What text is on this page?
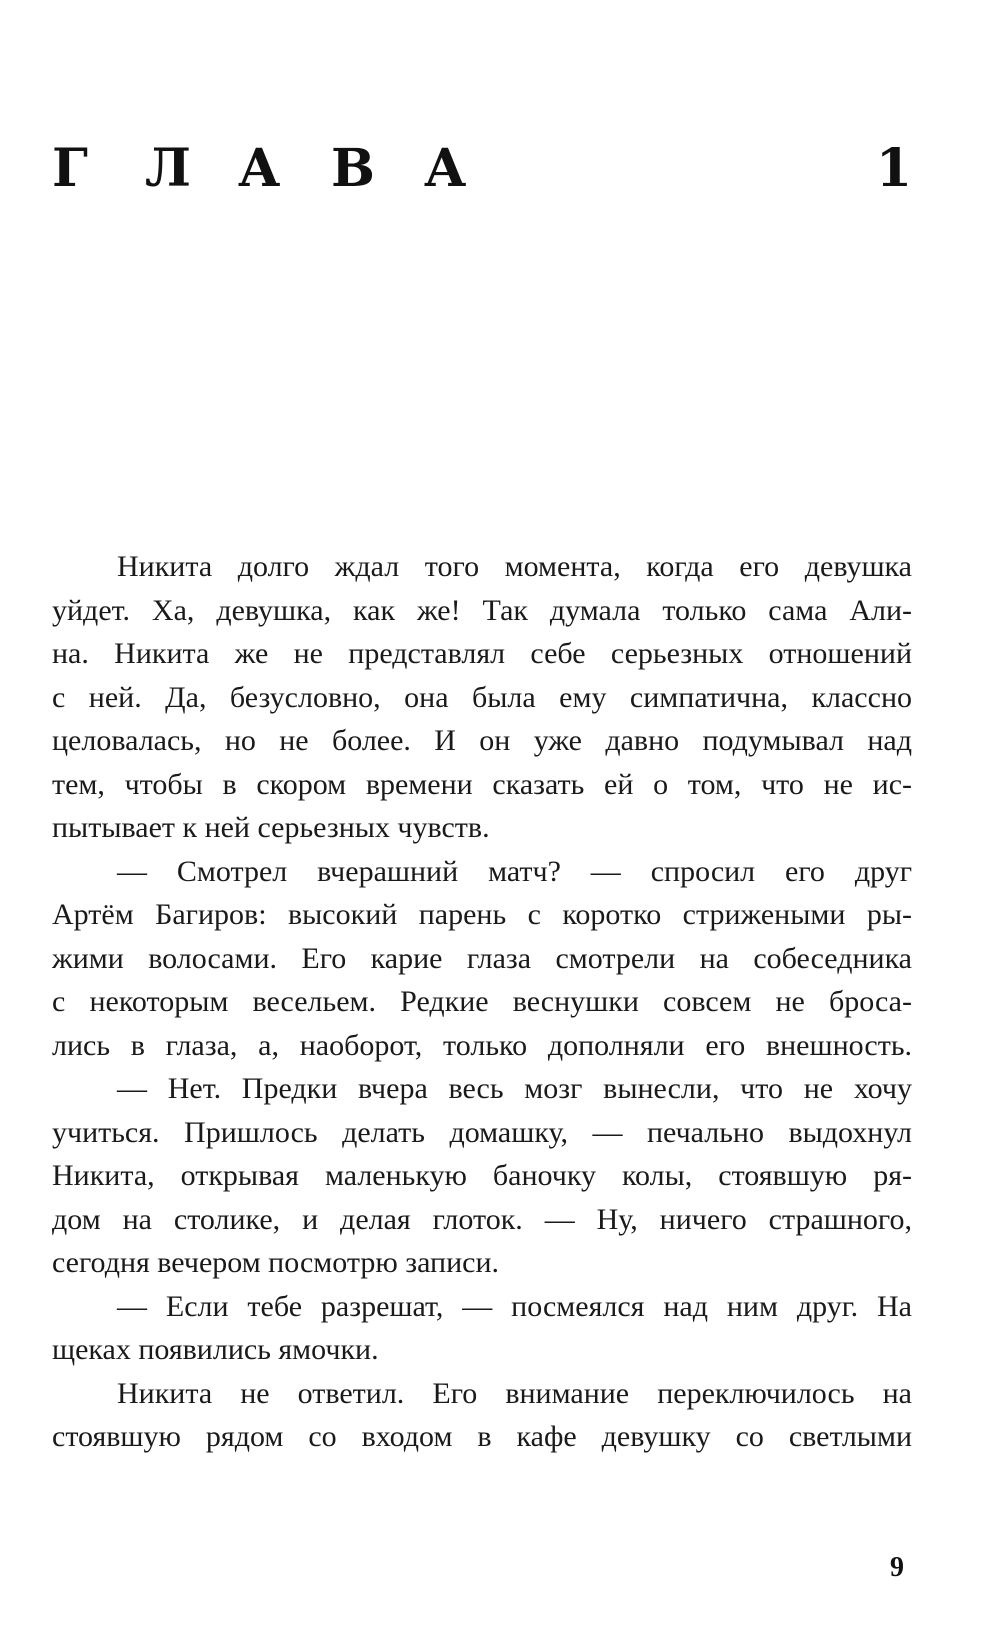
Г	Л А В А	1
Никита долго ждал того момента, когда его девушка
уйдет. Ха, девушка, как же! Так думала только сама Али-
на. Никита же не представлял себе серьезных отношений
с ней. Да, безусловно, она была ему симпатична, классно
целовалась, но не более. И он уже давно подумывал над
тем, чтобы в скором времени сказать ей о том, что не ис-
пытывает к ней серьезных чувств.
— Смотрел вчерашний матч? — спросил его друг
Артём Багиров: высокий парень с коротко стрижеными ры-
жими волосами. Его карие глаза смотрели на собеседника
с некоторым весельем. Редкие веснушки совсем не броса-
лись в глаза, а, наоборот, только дополняли его внешность.
— Нет. Предки вчера весь мозг вынесли, что не хочу
учиться. Пришлось делать домашку, — печально выдохнул
Никита, открывая маленькую баночку колы, стоявшую ря-
дом на столике, и делая глоток. — Ну, ничего страшного,
сегодня вечером посмотрю записи.
— Если тебе разрешат, — посмеялся над ним друг. На
щеках появились ямочки.
Никита не ответил. Его внимание переключилось на
стоявшую рядом со входом в кафе девушку со светлыми
9
